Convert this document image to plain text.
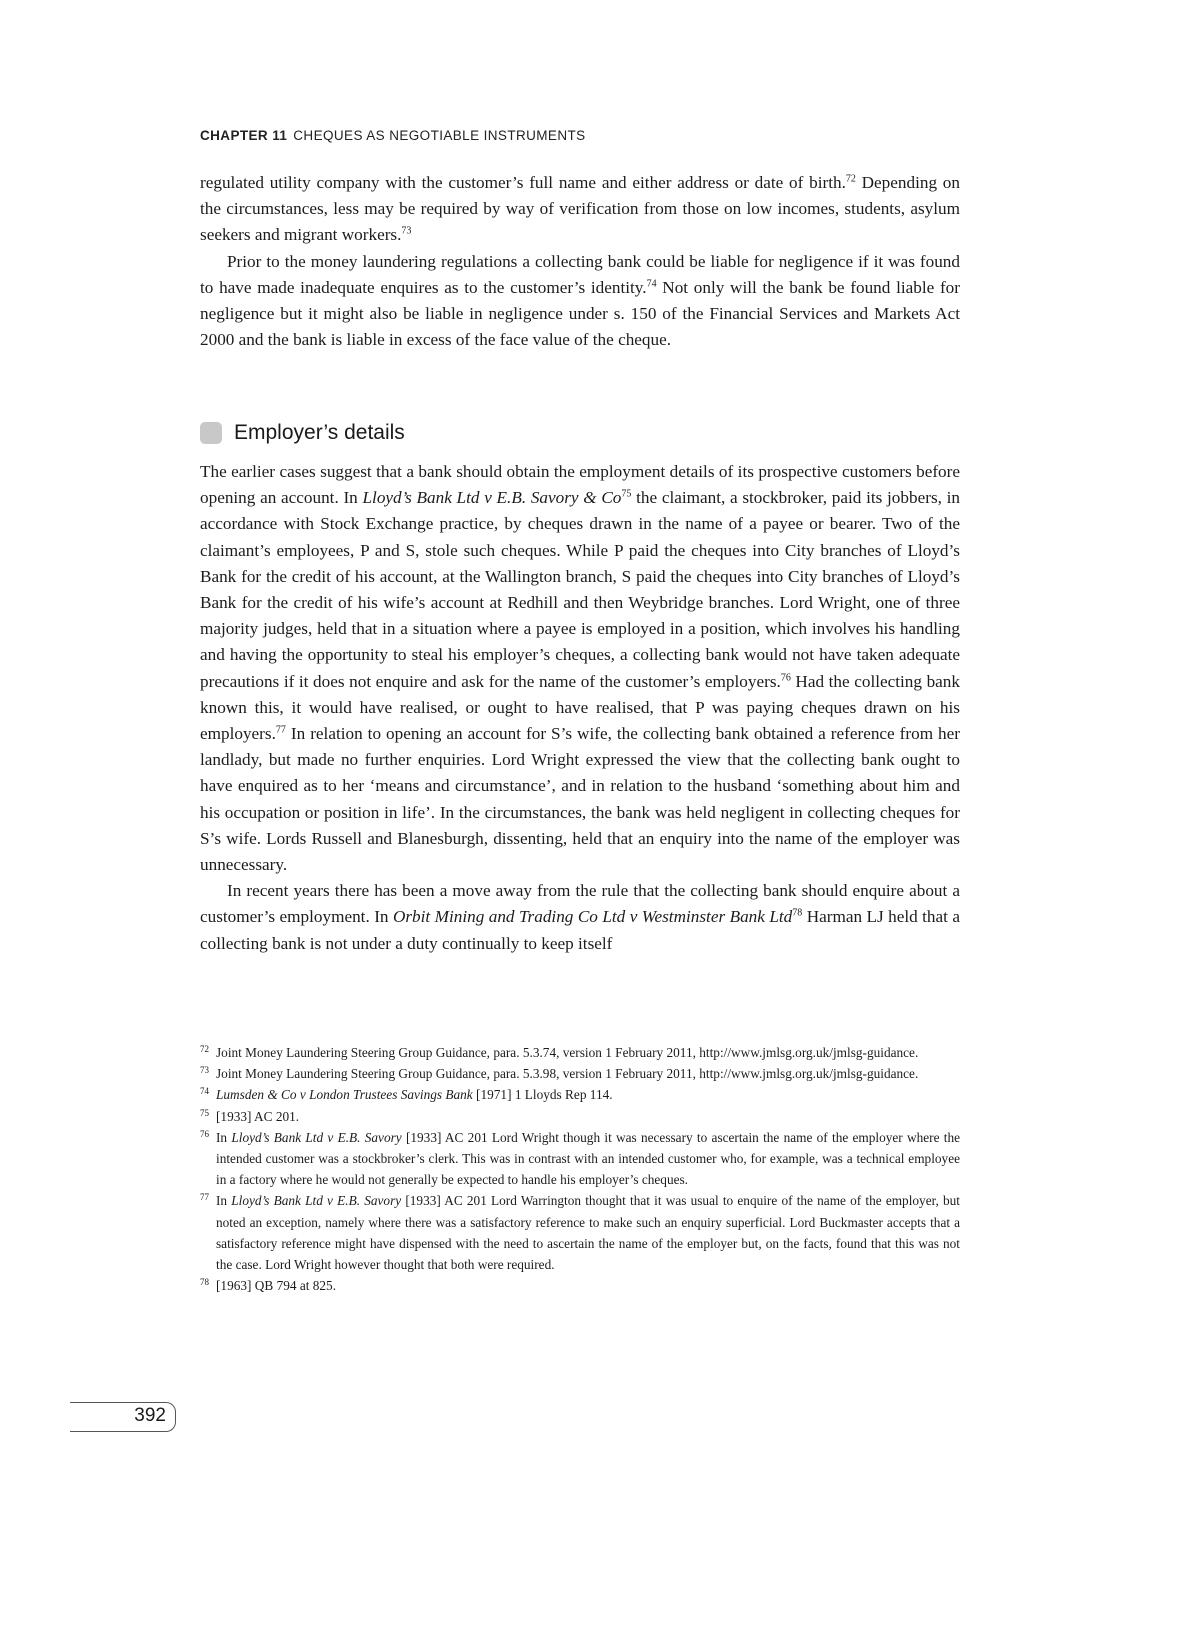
CHAPTER 11 CHEQUES AS NEGOTIABLE INSTRUMENTS

regulated utility company with the customer’s full name and either address or date of birth.$^{72}$ Depending on the circumstances, less may be required by way of verification from those on low incomes, students, asylum seekers and migrant workers.$^{73}$

Prior to the money laundering regulations a collecting bank could be liable for negligence if it was found to have made inadequate enquires as to the customer’s identity.$^{74}$ Not only will the bank be found liable for negligence but it might also be liable in negligence under s. 150 of the Financial Services and Markets Act 2000 and the bank is liable in excess of the face value of the cheque.

Employer’s details

The earlier cases suggest that a bank should obtain the employment details of its prospective customers before opening an account. In Lloyd’s Bank Ltd v E.B. Savory & Co$^{75}$ the claimant, a stockbroker, paid its jobbers, in accordance with Stock Exchange practice, by cheques drawn in the name of a payee or bearer. Two of the claimant’s employees, P and S, stole such cheques. While P paid the cheques into City branches of Lloyd’s Bank for the credit of his account, at the Wallington branch, S paid the cheques into City branches of Lloyd’s Bank for the credit of his wife’s account at Redhill and then Weybridge branches. Lord Wright, one of three majority judges, held that in a situation where a payee is employed in a position, which involves his handling and having the opportunity to steal his employer’s cheques, a collecting bank would not have taken adequate precautions if it does not enquire and ask for the name of the customer’s employers.$^{76}$ Had the collecting bank known this, it would have realised, or ought to have realised, that P was paying cheques drawn on his employers.$^{77}$ In relation to opening an account for S’s wife, the collecting bank obtained a reference from her landlady, but made no further enquiries. Lord Wright expressed the view that the collecting bank ought to have enquired as to her ‘means and circumstance’, and in relation to the husband ‘something about him and his occupation or position in life’. In the circumstances, the bank was held negligent in collecting cheques for S’s wife. Lords Russell and Blanesburgh, dissenting, held that an enquiry into the name of the employer was unnecessary.

In recent years there has been a move away from the rule that the collecting bank should enquire about a customer’s employment. In Orbit Mining and Trading Co Ltd v Westminster Bank Ltd$^{78}$ Harman LJ held that a collecting bank is not under a duty continually to keep itself

72 Joint Money Laundering Steering Group Guidance, para. 5.3.74, version 1 February 2011, http://www.jmlsg.org.uk/jmlsg-guidance.

73 Joint Money Laundering Steering Group Guidance, para. 5.3.98, version 1 February 2011, http://www.jmlsg.org.uk/jmlsg-guidance.

74 Lumsden & Co v London Trustees Savings Bank [1971] 1 Lloyds Rep 114.

75 [1933] AC 201.

76 In Lloyd’s Bank Ltd v E.B. Savory [1933] AC 201 Lord Wright though it was necessary to ascertain the name of the employer where the intended customer was a stockbroker’s clerk. This was in contrast with an intended customer who, for example, was a technical employee in a factory where he would not generally be expected to handle his employer’s cheques.

77 In Lloyd’s Bank Ltd v E.B. Savory [1933] AC 201 Lord Warrington thought that it was usual to enquire of the name of the employer, but noted an exception, namely where there was a satisfactory reference to make such an enquiry superficial. Lord Buckmaster accepts that a satisfactory reference might have dispensed with the need to ascertain the name of the employer but, on the facts, found that this was not the case. Lord Wright however thought that both were required.

78 [1963] QB 794 at 825.

392
